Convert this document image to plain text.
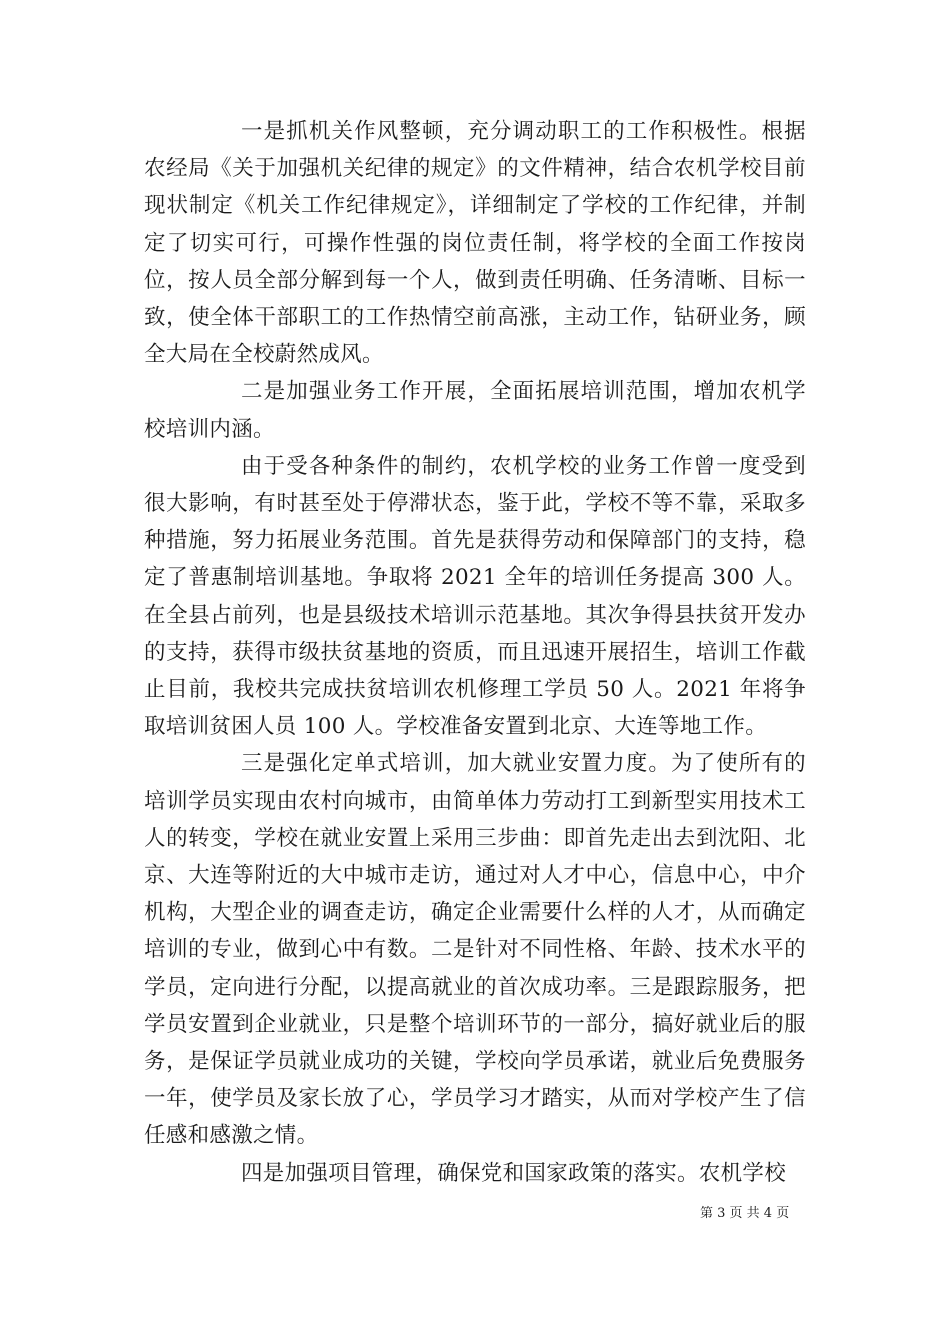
一是抓机关作风整顿，充分调动职工的工作积极性。根据农经局《关于加强机关纪律的规定》的文件精神，结合农机学校目前现状制定《机关工作纪律规定》，详细制定了学校的工作纪律，并制定了切实可行，可操作性强的岗位责任制，将学校的全面工作按岗位，按人员全部分解到每一个人，做到责任明确、任务清晰、目标一致，使全体干部职工的工作热情空前高涨，主动工作，钻研业务，顾全大局在全校蔚然成风。

二是加强业务工作开展，全面拓展培训范围，增加农机学校培训内涵。

由于受各种条件的制约，农机学校的业务工作曾一度受到很大影响，有时甚至处于停滞状态，鉴于此，学校不等不靠，采取多种措施，努力拓展业务范围。首先是获得劳动和保障部门的支持，稳定了普惠制培训基地。争取将 2021 全年的培训任务提高 300 人。在全县占前列，也是县级技术培训示范基地。其次争得县扶贫开发办的支持，获得市级扶贫基地的资质，而且迅速开展招生，培训工作截止目前，我校共完成扶贫培训农机修理工学员 50 人。2021 年将争取培训贫困人员 100 人。学校准备安置到北京、大连等地工作。

三是强化定单式培训，加大就业安置力度。为了使所有的培训学员实现由农村向城市，由简单体力劳动打工到新型实用技术工人的转变，学校在就业安置上采用三步曲：即首先走出去到沈阳、北京、大连等附近的大中城市走访，通过对人才中心，信息中心，中介机构，大型企业的调查走访，确定企业需要什么样的人才，从而确定培训的专业，做到心中有数。二是针对不同性格、年龄、技术水平的学员，定向进行分配，以提高就业的首次成功率。三是跟踪服务，把学员安置到企业就业，只是整个培训环节的一部分，搞好就业后的服务，是保证学员就业成功的关键，学校向学员承诺，就业后免费服务一年，使学员及家长放了心，学员学习才踏实，从而对学校产生了信任感和感激之情。

四是加强项目管理，确保党和国家政策的落实。农机学校

第 3 页 共 4 页
